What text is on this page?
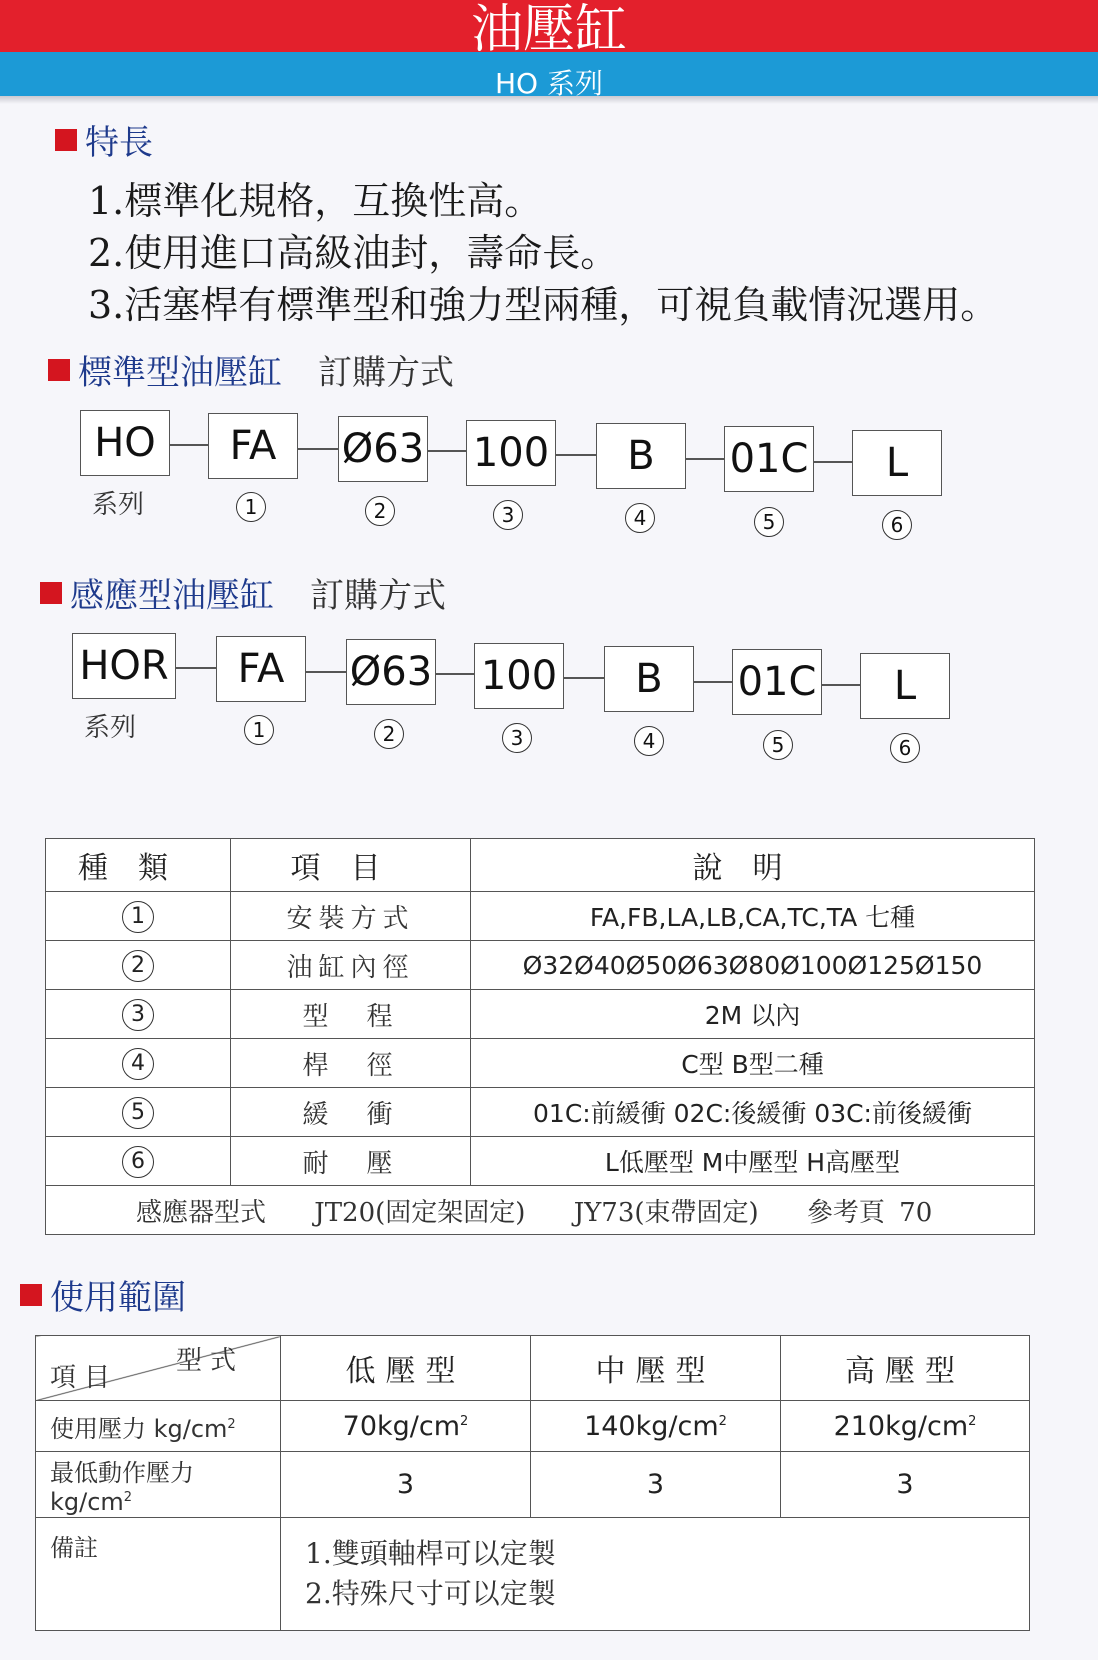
油壓缸
HO 系列
特長
1.標準化規格，互換性高。
2.使用進口高級油封，壽命長。
3.活塞桿有標準型和強力型兩種，可視負載情況選用。
標準型油壓缸 訂購方式
HO	FA	Ø63 100	B	01C	L
系列	1	2	3	4	5	6
感應型油壓缸 訂購方式
HOR	FA	Ø63 100	B	01C	L
系列	1	2	3	4	5	6
種類	項目	說明
1	安裝方式	FA,FB,LA,LB,CA,TC,TA 七種
2	油缸內徑	Ø32Ø40Ø50Ø63Ø80Ø100Ø125Ø150
3	型　程	2M 以內
4	桿　徑	C型 B型二種
5	緩　衝	01C:前緩衝 02C:後緩衝 03C:前後緩衝
6	耐　壓	L低壓型 M中壓型 H高壓型
感應器型式 JT20(固定架固定) JY73(束帶固定) 參考頁 70		
使用範圍
型式
項目	低壓型	中壓型	高壓型
使用壓力 $kg/cm^2$	$70kg/cm^2$	$140kg/cm^2$	$210kg/cm^2$
最低動作壓力 $kg/cm^2$	3	3	3
備註	1.雙頭軸桿可以定製
2.特殊尺寸可以定製		
